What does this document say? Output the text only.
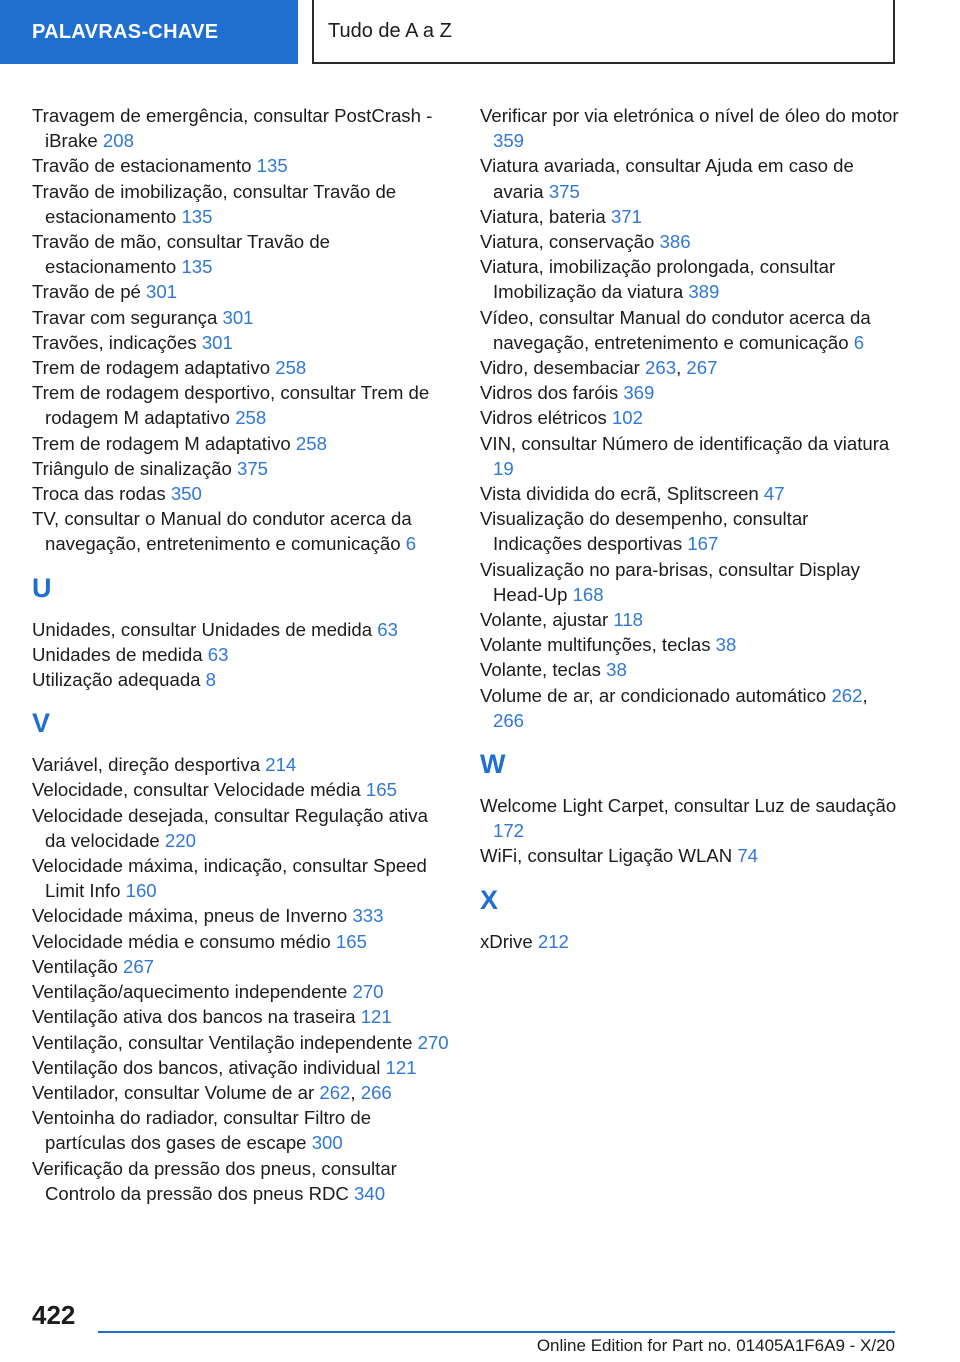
PALAVRAS-CHAVE	Tudo de A a Z
Travagem de emergência, consultar PostCrash - iBrake 208
Travão de estacionamento 135
Travão de imobilização, consultar Travão de estacionamento 135
Travão de mão, consultar Travão de estacionamento 135
Travão de pé 301
Travar com segurança 301
Travões, indicações 301
Trem de rodagem adaptativo 258
Trem de rodagem desportivo, consultar Trem de rodagem M adaptativo 258
Trem de rodagem M adaptativo 258
Triângulo de sinalização 375
Troca das rodas 350
TV, consultar o Manual do condutor acerca da navegação, entretenimento e comunicação 6
U
Unidades, consultar Unidades de medida 63
Unidades de medida 63
Utilização adequada 8
V
Variável, direção desportiva 214
Velocidade, consultar Velocidade média 165
Velocidade desejada, consultar Regulação ativa da velocidade 220
Velocidade máxima, indicação, consultar Speed Limit Info 160
Velocidade máxima, pneus de Inverno 333
Velocidade média e consumo médio 165
Ventilação 267
Ventilação/aquecimento independente 270
Ventilação ativa dos bancos na traseira 121
Ventilação, consultar Ventilação independente 270
Ventilação dos bancos, ativação individual 121
Ventilador, consultar Volume de ar 262, 266
Ventoinha do radiador, consultar Filtro de partículas dos gases de escape 300
Verificação da pressão dos pneus, consultar Controlo da pressão dos pneus RDC 340
Verificar por via eletrónica o nível de óleo do motor 359
Viatura avariada, consultar Ajuda em caso de avaria 375
Viatura, bateria 371
Viatura, conservação 386
Viatura, imobilização prolongada, consultar Imobilização da viatura 389
Vídeo, consultar Manual do condutor acerca da navegação, entretenimento e comunicação 6
Vidro, desembaciar 263, 267
Vidros dos faróis 369
Vidros elétricos 102
VIN, consultar Número de identificação da viatura 19
Vista dividida do ecrã, Splitscreen 47
Visualização do desempenho, consultar Indicações desportivas 167
Visualização no para-brisas, consultar Display Head-Up 168
Volante, ajustar 118
Volante multifunções, teclas 38
Volante, teclas 38
Volume de ar, ar condicionado automático 262, 266
W
Welcome Light Carpet, consultar Luz de saudação 172
WiFi, consultar Ligação WLAN 74
X
xDrive 212
422
Online Edition for Part no. 01405A1F6A9 - X/20
